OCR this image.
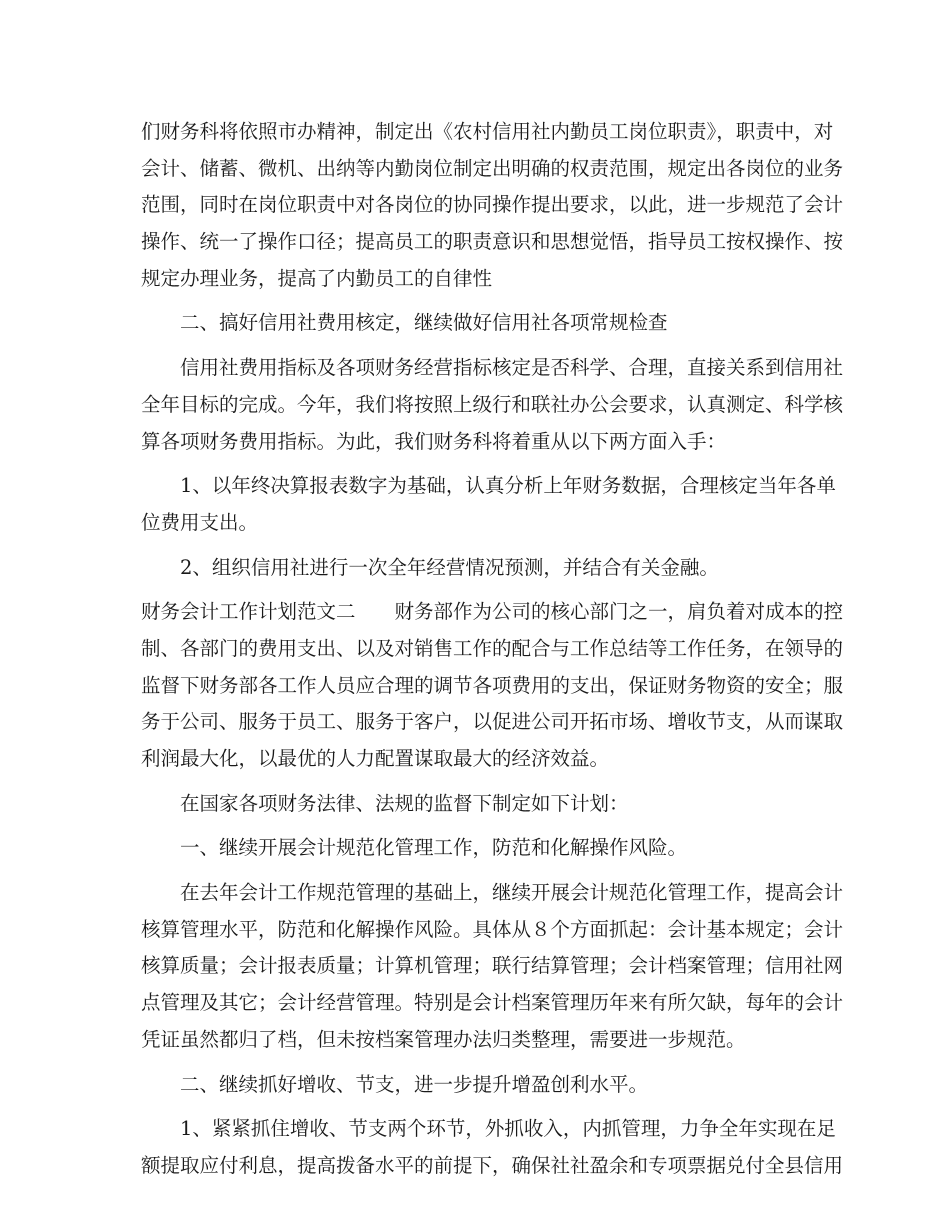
们财务科将依照市办精神，制定出《农村信用社内勤员工岗位职责》，职责中，对
会计、储蓄、微机、出纳等内勤岗位制定出明确的权责范围，规定出各岗位的业务
范围，同时在岗位职责中对各岗位的协同操作提出要求，以此，进一步规范了会计
操作、统一了操作口径；提高员工的职责意识和思想觉悟，指导员工按权操作、按
规定办理业务，提高了内勤员工的自律性
　　二、搞好信用社费用核定，继续做好信用社各项常规检查
　　信用社费用指标及各项财务经营指标核定是否科学、合理，直接关系到信用社
全年目标的完成。今年，我们将按照上级行和联社办公会要求，认真测定、科学核
算各项财务费用指标。为此，我们财务科将着重从以下两方面入手：
　　1、以年终决算报表数字为基础，认真分析上年财务数据，合理核定当年各单
位费用支出。
　　2、组织信用社进行一次全年经营情况预测，并结合有关金融。
财务会计工作计划范文二　　财务部作为公司的核心部门之一，肩负着对成本的控
制、各部门的费用支出、以及对销售工作的配合与工作总结等工作任务，在领导的
监督下财务部各工作人员应合理的调节各项费用的支出，保证财务物资的安全；服
务于公司、服务于员工、服务于客户，以促进公司开拓市场、增收节支，从而谋取
利润最大化，以最优的人力配置谋取最大的经济效益。
　　在国家各项财务法律、法规的监督下制定如下计划：
　　一、继续开展会计规范化管理工作，防范和化解操作风险。
　　在去年会计工作规范管理的基础上，继续开展会计规范化管理工作，提高会计
核算管理水平，防范和化解操作风险。具体从８个方面抓起：会计基本规定；会计
核算质量；会计报表质量；计算机管理；联行结算管理；会计档案管理；信用社网
点管理及其它；会计经营管理。特别是会计档案管理历年来有所欠缺，每年的会计
凭证虽然都归了档，但未按档案管理办法归类整理，需要进一步规范。
　　二、继续抓好增收、节支，进一步提升增盈创利水平。
　　1、紧紧抓住增收、节支两个环节，外抓收入，内抓管理，力争全年实现在足
额提取应付利息，提高拨备水平的前提下，确保社社盈余和专项票据兑付全县信用
